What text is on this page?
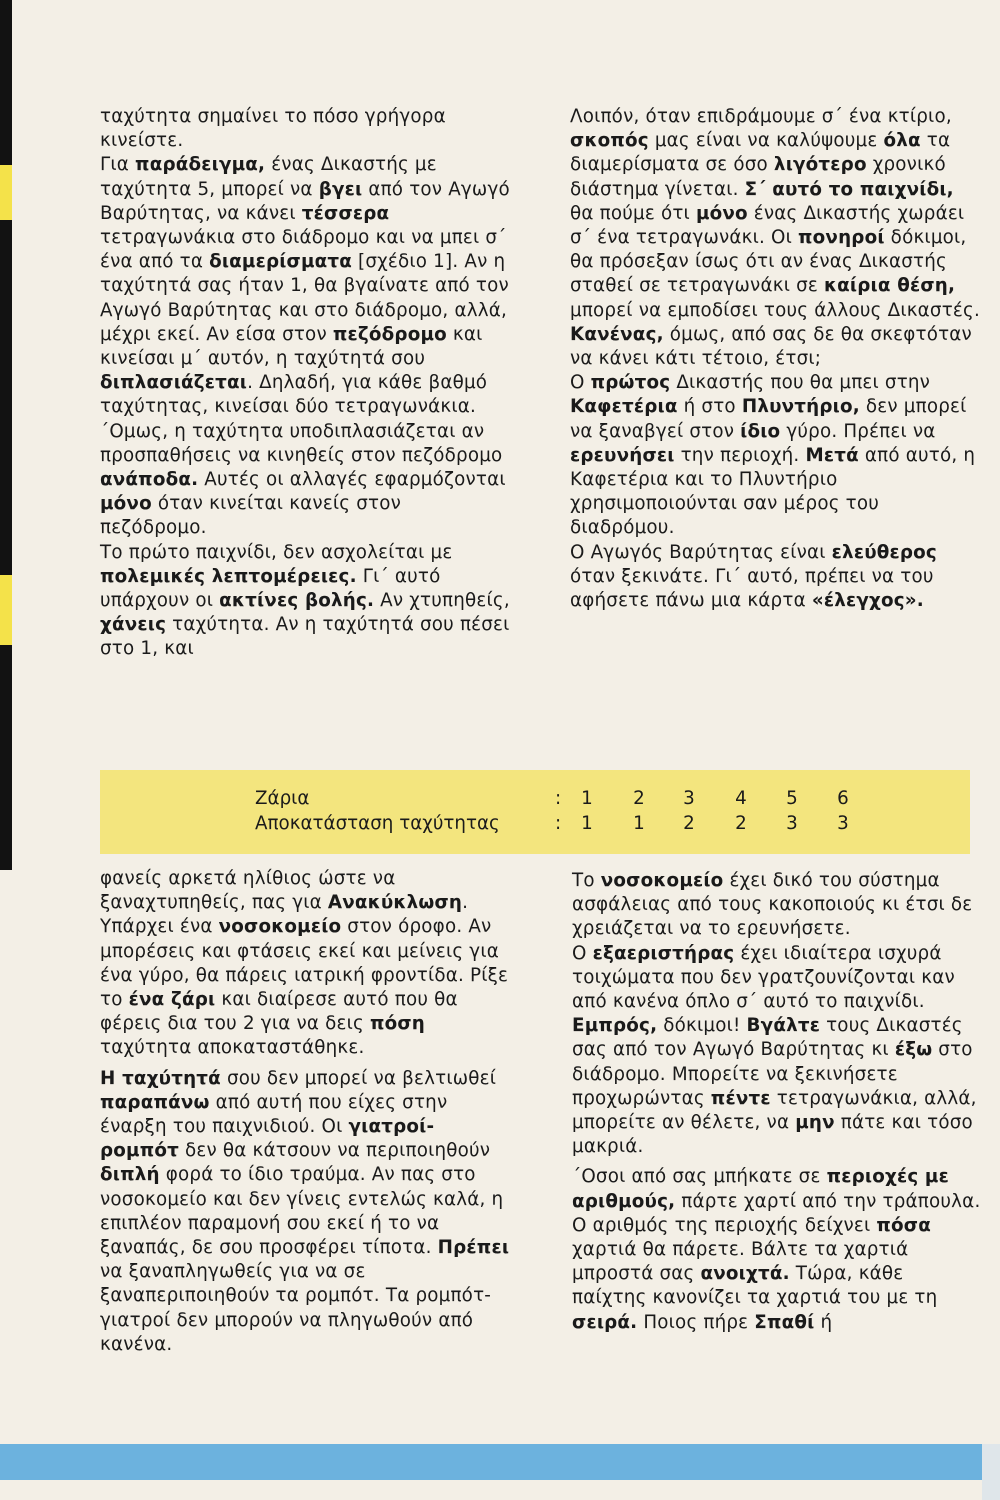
ταχύτητα σημαίνει το πόσο γρήγορα κινείστε.

Για παράδειγμα, ένας Δικαστής με ταχύτητα 5, μπορεί να βγει από τον Αγωγό Βαρύτητας, να κάνει τέσσερα τετραγωνάκια στο διάδρομο και να μπει σ΄ ένα από τα διαμερίσματα [σχέδιο 1]. Αν η ταχύτητά σας ήταν 1, θα βγαίνατε από τον Αγωγό Βαρύτητας και στο διάδρομο, αλλά, μέχρι εκεί. Αν είσα στον πεζόδρομο και κινείσαι μ΄ αυτόν, η ταχύτητά σου διπλασιάζεται. Δηλαδή, για κάθε βαθμό ταχύτητας, κινείσαι δύο τετραγωνάκια. ΄Ομως, η ταχύτητα υποδιπλασιάζεται αν προσπαθήσεις να κινηθείς στον πεζόδρομο ανάποδα. Αυτές οι αλλαγές εφαρμόζονται μόνο όταν κινείται κανείς στον πεζόδρομο.

Το πρώτο παιχνίδι, δεν ασχολείται με πολεμικές λεπτομέρειες. Γι΄ αυτό υπάρχουν οι ακτίνες βολής. Αν χτυπηθείς, χάνεις ταχύτητα. Αν η ταχύτητά σου πέσει στο 1, και

Λοιπόν, όταν επιδράμουμε σ΄ ένα κτίριο, σκοπός μας είναι να καλύψουμε όλα τα διαμερίσματα σε όσο λιγότερο χρονικό διάστημα γίνεται. Σ΄ αυτό το παιχνίδι, θα πούμε ότι μόνο ένας Δικαστής χωράει σ΄ ένα τετραγωνάκι. Οι πονηροί δόκιμοι, θα πρόσεξαν ίσως ότι αν ένας Δικαστής σταθεί σε τετραγωνάκι σε καίρια θέση, μπορεί να εμποδίσει τους άλλους Δικαστές. Κανένας, όμως, από σας δε θα σκεφτόταν να κάνει κάτι τέτοιο, έτσι;

Ο πρώτος Δικαστής που θα μπει στην Καφετέρια ή στο Πλυντήριο, δεν μπορεί να ξαναβγεί στον ίδιο γύρο. Πρέπει να ερευνήσει την περιοχή. Μετά από αυτό, η Καφετέρια και το Πλυντήριο χρησιμοποιούνται σαν μέρος του διαδρόμου.

Ο Αγωγός Βαρύτητας είναι ελεύθερος όταν ξεκινάτε. Γι΄ αυτό, πρέπει να του αφήσετε πάνω μια κάρτα «έλεγχος».

Ζάρια	: 1 2 3 4 5 6
Αποκατάσταση ταχύτητας	: 1 1 2 2 3 3

φανείς αρκετά ηλίθιος ώστε να ξαναχτυπηθείς, πας για Ανακύκλωση.

Υπάρχει ένα νοσοκομείο στον όροφο. Αν μπορέσεις και φτάσεις εκεί και μείνεις για ένα γύρο, θα πάρεις ιατρική φροντίδα. Ρίξε το ένα ζάρι και διαίρεσε αυτό που θα φέρεις δια του 2 για να δεις πόση ταχύτητα αποκαταστάθηκε.

Η ταχύτητά σου δεν μπορεί να βελτιωθεί παραπάνω από αυτή που είχες στην έναρξη του παιχνιδιού. Οι γιατροί-ρομπότ δεν θα κάτσουν να περιποιηθούν διπλή φορά το ίδιο τραύμα. Αν πας στο νοσοκομείο και δεν γίνεις εντελώς καλά, η επιπλέον παραμονή σου εκεί ή το να ξαναπάς, δε σου προσφέρει τίποτα. Πρέπει να ξαναπληγωθείς για να σε ξαναπεριποιηθούν τα ρομπότ. Τα ρομπότ-γιατροί δεν μπορούν να πληγωθούν από κανένα.

Το νοσοκομείο έχει δικό του σύστημα ασφάλειας από τους κακοποιούς κι έτσι δε χρειάζεται να το ερευνήσετε.

Ο εξαεριστήρας έχει ιδιαίτερα ισχυρά τοιχώματα που δεν γρατζουνίζονται καν από κανένα όπλο σ΄ αυτό το παιχνίδι.

Εμπρός, δόκιμοι! Βγάλτε τους Δικαστές σας από τον Αγωγό Βαρύτητας κι έξω στο διάδρομο. Μπορείτε να ξεκινήσετε προχωρώντας πέντε τετραγωνάκια, αλλά, μπορείτε αν θέλετε, να μην πάτε και τόσο μακριά.

΄Οσοι από σας μπήκατε σε περιοχές με αριθμούς, πάρτε χαρτί από την τράπουλα. Ο αριθμός της περιοχής δείχνει πόσα χαρτιά θα πάρετε. Βάλτε τα χαρτιά μπροστά σας ανοιχτά. Τώρα, κάθε παίχτης κανονίζει τα χαρτιά του με τη σειρά. Ποιος πήρε Σπαθί ή
